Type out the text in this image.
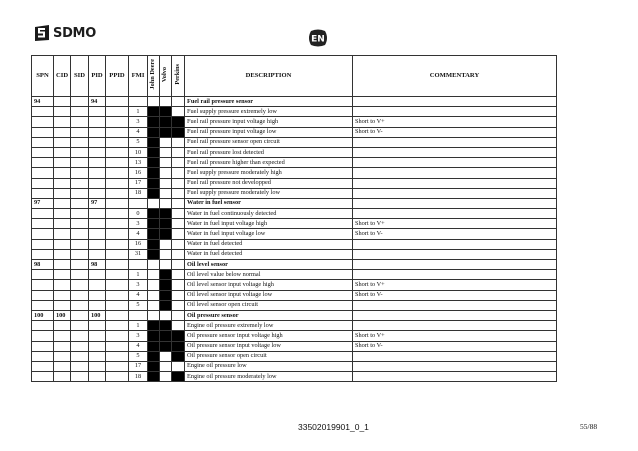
SDMO	EN
SPN	CID	SID	PID	PPID	FMI	John Deere	Volvo	Perkins	DESCRIPTION	COMMENTARY
94			94						Fuel rail pressure sensor	
					1				Fuel supply pressure extremely low	
					3				Fuel rail pressure input voltage high	Short to V+
					4				Fuel rail pressure input voltage low	Short to V-
					5				Fuel rail pressure sensor open circuit	
					10				Fuel rail pressure lost detected	
					13				Fuel rail pressure higher than expected	
					16				Fuel supply pressure moderately high	
					17				Fuel rail pressure not developped	
					18				Fuel supply pressure moderately low	
97			97						Water in fuel sensor	
					0				Water in fuel continuously detected	
					3				Water in fuel input voltage high	Short to V+
					4				Water in fuel input voltage low	Short to V-
					16				Water in fuel detected	
					31				Water in fuel detected	
98			98						Oil level sensor	
					1				Oil level value below normal	
					3				Oil level sensor input voltage high	Short to V+
					4				Oil level sensor input voltage low	Short to V-
					5				Oil level sensor open circuit	
100	100		100						Oil pressure sensor	
					1				Engine oil pressure extremely low	
					3				Oil pressure sensor input voltage high	Short to V+
					4				Oil pressure sensor input voltage low	Short to V-
					5				Oil pressure sensor open circuit	
					17				Engine oil pressure low	
					18				Engine oil pressure moderately low	
33502019901_0_1	55/88
